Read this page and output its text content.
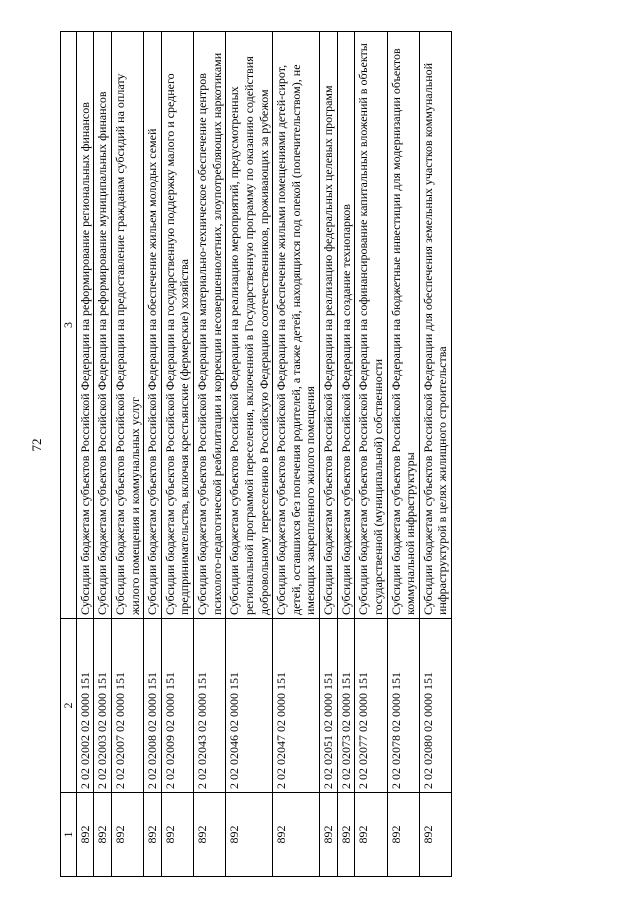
72
1	2	3
892	2 02 02002 02 0000 151	Субсидии бюджетам субъектов Российской Федерации на реформирование региональных финансов
892	2 02 02003 02 0000 151	Субсидии бюджетам субъектов Российской Федерации на реформирование муниципальных финансов
892	2 02 02007 02 0000 151	Субсидии бюджетам субъектов Российской Федерации на предоставление гражданам субсидий на оплату жилого помещения и коммунальных услуг
892	2 02 02008 02 0000 151	Субсидии бюджетам субъектов Российской Федерации на обеспечение жильем молодых семей
892	2 02 02009 02 0000 151	Субсидии бюджетам субъектов Российской Федерации на государственную поддержку малого и среднего предпринимательства, включая крестьянские (фермерские) хозяйства
892	2 02 02043 02 0000 151	Субсидии бюджетам субъектов Российской Федерации на материально-техническое обеспечение центров психолого-педагогической реабилитации и коррекции несовершеннолетних, злоупотребляющих наркотиками
892	2 02 02046 02 0000 151	Субсидии бюджетам субъектов Российской Федерации на реализацию мероприятий, предусмотренных региональной программой переселения, включенной в Государственную программу по оказанию содействия добровольному переселению в Российскую Федерацию соотечественников, проживающих за рубежом
892	2 02 02047 02 0000 151	Субсидии бюджетам субъектов Российской Федерации на обеспечение жилыми помещениями детей-сирот, детей, оставшихся без попечения родителей, а также детей, находящихся под опекой (попечительством), не имеющих закрепленного жилого помещения
892	2 02 02051 02 0000 151	Субсидии бюджетам субъектов Российской Федерации на реализацию федеральных целевых программ
892	2 02 02073 02 0000 151	Субсидии бюджетам субъектов Российской Федерации на создание технопарков
892	2 02 02077 02 0000 151	Субсидии бюджетам субъектов Российской Федерации на софинансирование капитальных вложений в объекты государственной (муниципальной) собственности
892	2 02 02078 02 0000 151	Субсидии бюджетам субъектов Российской Федерации на бюджетные инвестиции для модернизации объектов коммунальной инфраструктуры
892	2 02 02080 02 0000 151	Субсидии бюджетам субъектов Российской Федерации для обеспечения земельных участков коммунальной инфраструктурой в целях жилищного строительства
